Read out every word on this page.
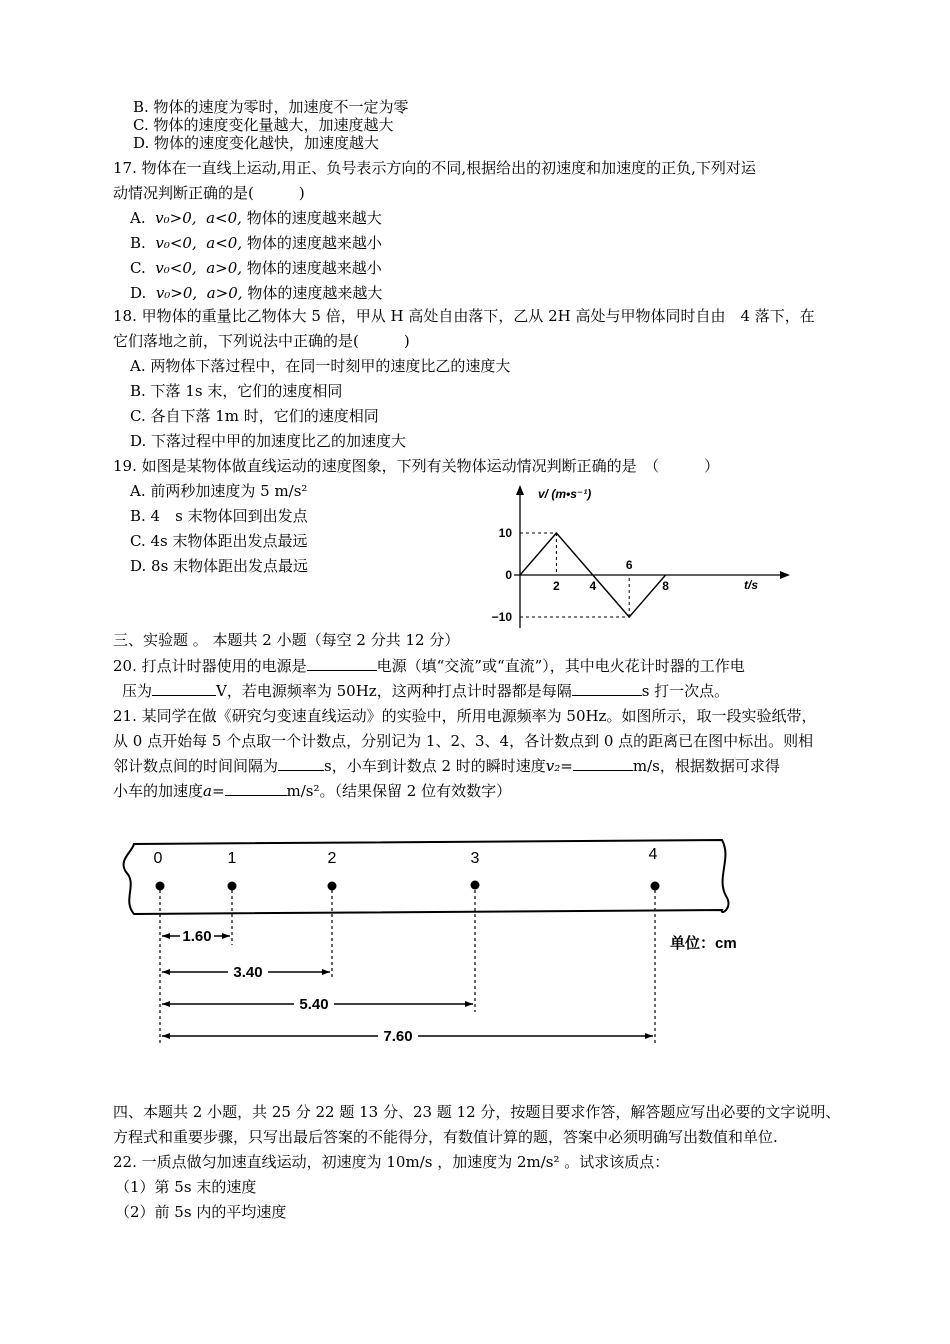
B. 物体的速度为零时，加速度不一定为零
C. 物体的速度变化量越大，加速度越大
D. 物体的速度变化越快，加速度越大
17. 物体在一直线上运动,用正、负号表示方向的不同,根据给出的初速度和加速度的正负,下列对运
动情况判断正确的是(　　　)
A. v₀>0, a<0, 物体的速度越来越大
B. v₀<0, a<0, 物体的速度越来越小
C. v₀<0, a>0, 物体的速度越来越小
D. v₀>0, a>0, 物体的速度越来越大
18. 甲物体的重量比乙物体大 5 倍，甲从 H 高处自由落下，乙从 2H 高处与甲物体同时自由　4 落下，在
它们落地之前，下列说法中正确的是(　　　)
A. 两物体下落过程中，在同一时刻甲的速度比乙的速度大
B. 下落 1s 末，它们的速度相同
C. 各自下落 1m 时，它们的速度相同
D. 下落过程中甲的加速度比乙的加速度大
19. 如图是某物体做直线运动的速度图象，下列有关物体运动情况判断正确的是　（　　　）
A. 前两秒加速度为 5 m/s²
B. 4　s 末物体回到出发点
C. 4s 末物体距出发点最远
D. 8s 末物体距出发点最远
v/ (m•s⁻¹)
t/s
2 4
6
8
10
0
−10
三、实验题 。 本题共 2 小题（每空 2 分共 12 分）
20. 打点计时器使用的电源是	电源（填“交流”或“直流”），其中电火花计时器的工作电
压为	V，若电源频率为 50Hz，这两种打点计时器都是每隔	s 打一次点。
21. 某同学在做《研究匀变速直线运动》的实验中，所用电源频率为 50Hz。如图所示，取一段实验纸带，
从 0 点开始每 5 个点取一个计数点，分别记为 1、2、3、4，各计数点到 0 点的距离已在图中标出。则相
邻计数点间的时间间隔为	s，小车到计数点 2 时的瞬时速度v₂=	m/s，根据数据可求得
小车的加速度a=	m/s²。（结果保留 2 位有效数字）
0	1	2	3	4
1.60
3.40
5.40
7.60
单位：cm
四、本题共 2 小题，共 25 分 22 题 13 分、23 题 12 分，按题目要求作答，解答题应写出必要的文字说明、
方程式和重要步骤，只写出最后答案的不能得分，有数值计算的题，答案中必须明确写出数值和单位.
22. 一质点做匀加速直线运动，初速度为 10m/s ，加速度为 2m/s² 。试求该质点：
（1）第 5s 末的速度
（2）前 5s 内的平均速度
